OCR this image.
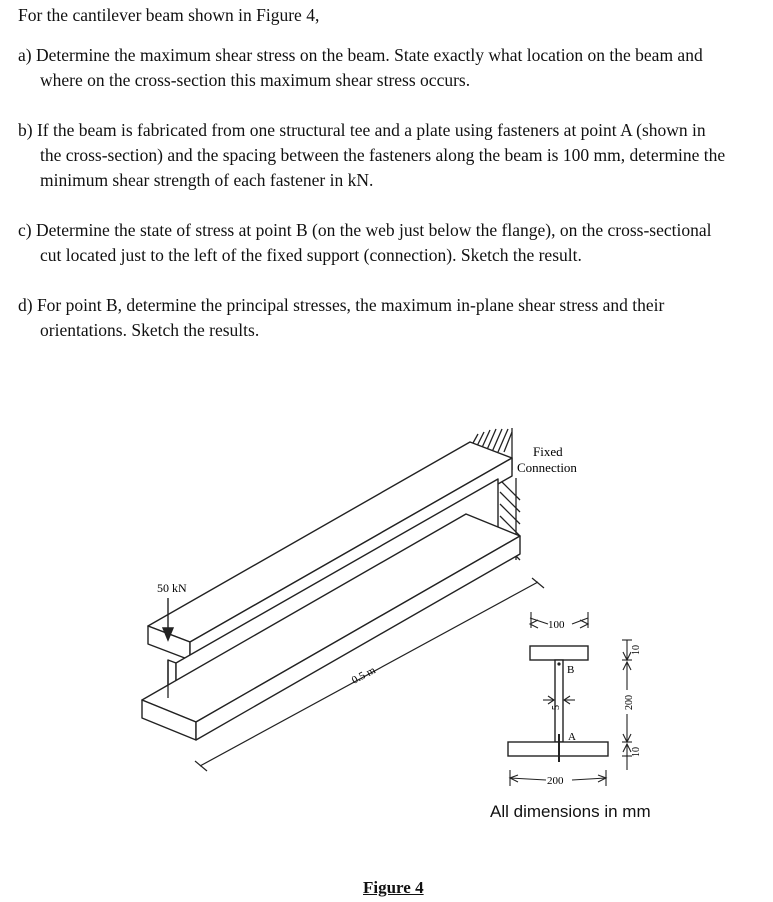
For the cantilever beam shown in Figure 4,
a) Determine the maximum shear stress on the beam. State exactly what location on the beam and
where on the cross-section this maximum shear stress occurs.
b) If the beam is fabricated from one structural tee and a plate using fasteners at point A (shown in
the cross-section) and the spacing between the fasteners along the beam is 100 mm, determine the
minimum shear strength of each fastener in kN.
c) Determine the state of stress at point B (on the web just below the flange), on the cross-sectional
cut located just to the left of the fixed support (connection). Sketch the result.
d) For point B, determine the principal stresses, the maximum in-plane shear stress and their
orientations. Sketch the results.
Fixed
Connection
50 kN
0.5 m	B
A
100
200
5
10
200
10
All dimensions in mm
Figure 4
